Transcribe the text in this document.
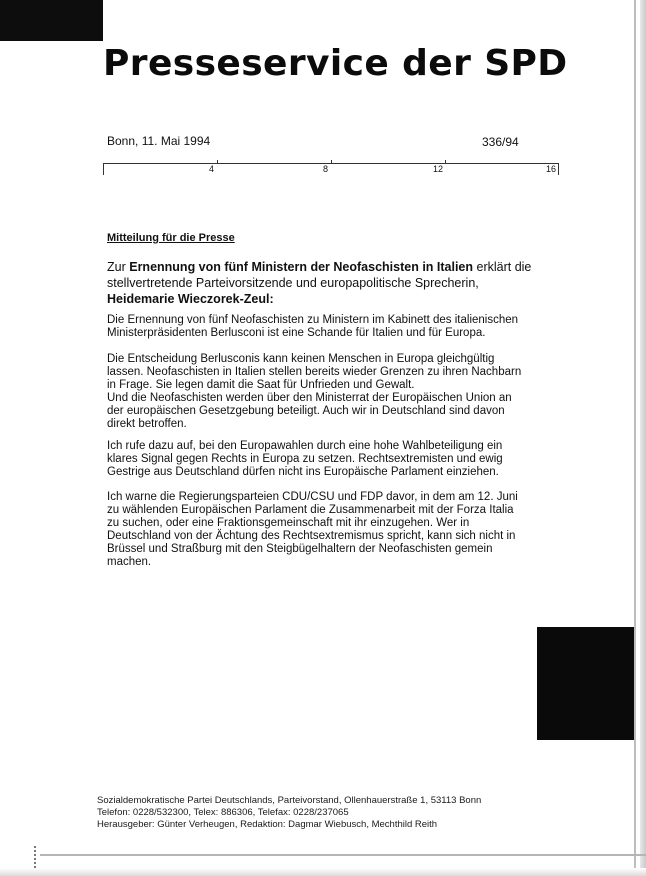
Presseservice der SPD
Bonn, 11. Mai 1994	336/94
4	8	12	16
Mitteilung für die Presse

Zur Ernennung von fünf Ministern der Neofaschisten in Italien erklärt die stellvertretende Parteivorsitzende und europapolitische Sprecherin,
Heidemarie Wieczorek-Zeul:

Die Ernennung von fünf Neofaschisten zu Ministern im Kabinett des italienischen Ministerpräsidenten Berlusconi ist eine Schande für Italien und für Europa.

Die Entscheidung Berlusconis kann keinen Menschen in Europa gleichgültig lassen. Neofaschisten in Italien stellen bereits wieder Grenzen zu ihren Nachbarn in Frage. Sie legen damit die Saat für Unfrieden und Gewalt.
Und die Neofaschisten werden über den Ministerrat der Europäischen Union an der europäischen Gesetzgebung beteiligt. Auch wir in Deutschland sind davon direkt betroffen.

Ich rufe dazu auf, bei den Europawahlen durch eine hohe Wahlbeteiligung ein klares Signal gegen Rechts in Europa zu setzen. Rechtsextremisten und ewig Gestrige aus Deutschland dürfen nicht ins Europäische Parlament einziehen.

Ich warne die Regierungsparteien CDU/CSU und FDP davor, in dem am 12. Juni zu wählenden Europäischen Parlament die Zusammenarbeit mit der Forza Italia zu suchen, oder eine Fraktionsgemeinschaft mit ihr einzugehen. Wer in Deutschland von der Ächtung des Rechtsextremismus spricht, kann sich nicht in Brüssel und Straßburg mit den Steigbügelhaltern der Neofaschisten gemein machen.

Sozialdemokratische Partei Deutschlands, Parteivorstand, Ollenhauerstraße 1, 53113 Bonn
Telefon: 0228/532300, Telex: 886306, Telefax: 0228/237065
Herausgeber: Günter Verheugen, Redaktion: Dagmar Wiebusch, Mechthild Reith
